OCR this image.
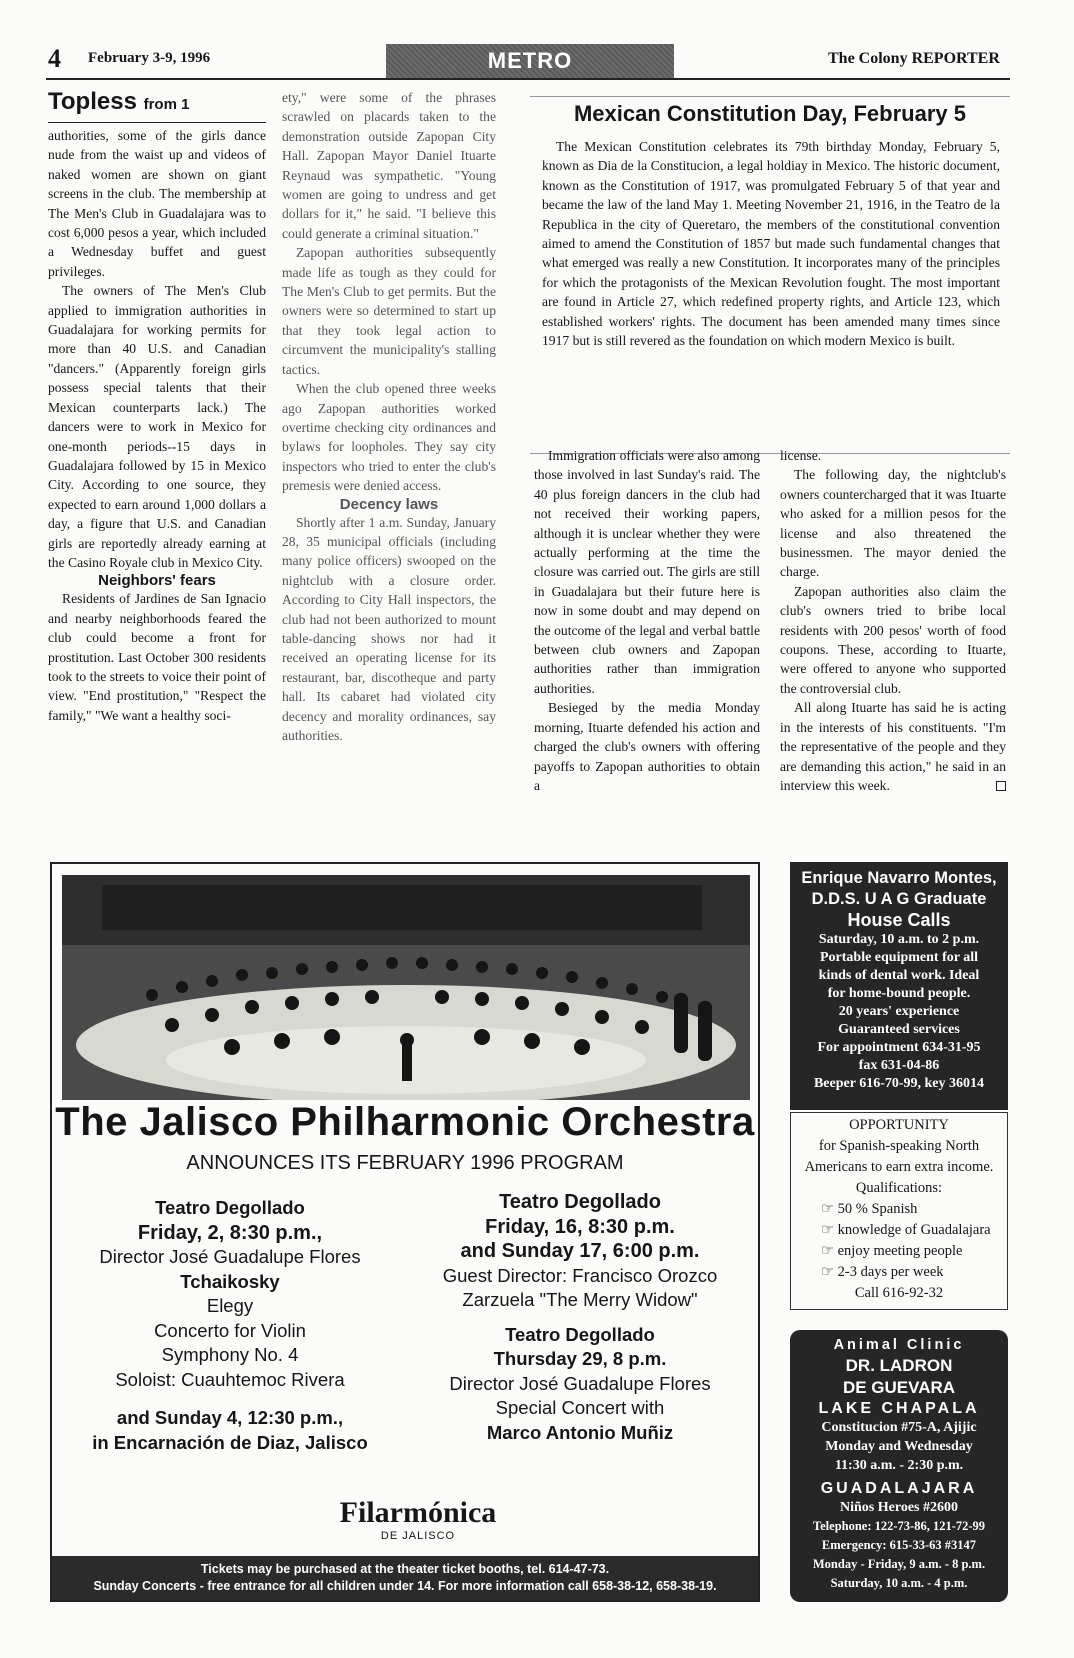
4 February 3-9, 1996	METRO	The Colony REPORTER
Topless from 1

authorities, some of the girls dance nude from the waist up and videos of naked women are shown on giant screens in the club. The membership at The Men's Club in Guadalajara was to cost 6,000 pesos a year, which included a Wednesday buffet and guest privileges.

The owners of The Men's Club applied to immigration authorities in Guadalajara for working permits for more than 40 U.S. and Canadian "dancers." (Apparently foreign girls possess special talents that their Mexican counterparts lack.) The dancers were to work in Mexico for one-month periods--15 days in Guadalajara followed by 15 in Mexico City. According to one source, they expected to earn around 1,000 dollars a day, a figure that U.S. and Canadian girls are reportedly already earning at the Casino Royale club in Mexico City.

Neighbors' fears

Residents of Jardines de San Ignacio and nearby neighborhoods feared the club could become a front for prostitution. Last October 300 residents took to the streets to voice their point of view. "End prostitution," "Respect the family," "We want a healthy soci-

ety," were some of the phrases scrawled on placards taken to the demonstration outside Zapopan City Hall. Zapopan Mayor Daniel Ituarte Reynaud was sympathetic. "Young women are going to undress and get dollars for it," he said. "I believe this could generate a criminal situation."

Zapopan authorities subsequently made life as tough as they could for The Men's Club to get permits. But the owners were so determined to start up that they took legal action to circumvent the municipality's stalling tactics.

When the club opened three weeks ago Zapopan authorities worked overtime checking city ordinances and bylaws for loopholes. They say city inspectors who tried to enter the club's premesis were denied access.

Decency laws

Shortly after 1 a.m. Sunday, January 28, 35 municipal officials (including many police officers) swooped on the nightclub with a closure order. According to City Hall inspectors, the club had not been authorized to mount table-dancing shows nor had it received an operating license for its restaurant, bar, discotheque and party hall. Its cabaret had violated city decency and morality ordinances, say authorities.

Mexican Constitution Day, February 5

The Mexican Constitution celebrates its 79th birthday Monday, February 5, known as Dia de la Constitucion, a legal holdiay in Mexico. The historic document, known as the Constitution of 1917, was promulgated February 5 of that year and became the law of the land May 1. Meeting November 21, 1916, in the Teatro de la Republica in the city of Queretaro, the members of the constitutional convention aimed to amend the Constitution of 1857 but made such fundamental changes that what emerged was really a new Constitution. It incorporates many of the principles for which the protagonists of the Mexican Revolution fought. The most important are found in Article 27, which redefined property rights, and Article 123, which established workers' rights. The document has been amended many times since 1917 but is still revered as the foundation on which modern Mexico is built.

Immigration officials were also among those involved in last Sunday's raid. The 40 plus foreign dancers in the club had not received their working papers, although it is unclear whether they were actually performing at the time the closure was carried out. The girls are still in Guadalajara but their future here is now in some doubt and may depend on the outcome of the legal and verbal battle between club owners and Zapopan authorities rather than immigration authorities.

Besieged by the media Monday morning, Ituarte defended his action and charged the club's owners with offering payoffs to Zapopan authorities to obtain a

license.

The following day, the nightclub's owners countercharged that it was Ituarte who asked for a million pesos for the license and also threatened the businessmen. The mayor denied the charge.

Zapopan authorities also claim the club's owners tried to bribe local residents with 200 pesos' worth of food coupons. These, according to Ituarte, were offered to anyone who supported the controversial club.

All along Ituarte has said he is acting in the interests of his constituents. "I'm the representative of the people and they are demanding this action," he said in an interview this week.

The Jalisco Philharmonic Orchestra
ANNOUNCES ITS FEBRUARY 1996 PROGRAM
Teatro Degollado
Friday, 2, 8:30 p.m.,
Director José Guadalupe Flores
Tchaikosky
Elegy
Concerto for Violin
Symphony No. 4
Soloist: Cuauhtemoc Rivera
and Sunday 4, 12:30 p.m.,
in Encarnación de Diaz, Jalisco
Teatro Degollado
Friday, 16, 8:30 p.m.
and Sunday 17, 6:00 p.m.
Guest Director: Francisco Orozco
Zarzuela "The Merry Widow"
Teatro Degollado
Thursday 29, 8 p.m.
Director José Guadalupe Flores
Special Concert with
Marco Antonio Muñiz
Filarmónica
DE JALISCO
Tickets may be purchased at the theater ticket booths, tel. 614-47-73.
Sunday Concerts - free entrance for all children under 14. For more information call 658-38-12, 658-38-19.
Enrique Navarro Montes,
D.D.S. U A G Graduate
House Calls
Saturday, 10 a.m. to 2 p.m.
Portable equipment for all
kinds of dental work. Ideal
for home-bound people.
20 years' experience
Guaranteed services
For appointment 634-31-95
fax 631-04-86
Beeper 616-70-99, key 36014
OPPORTUNITY
for Spanish-speaking North Americans to earn extra income.
Qualifications:
☞ 50 % Spanish
☞ knowledge of Guadalajara
☞ enjoy meeting people
☞ 2-3 days per week
Call 616-92-32
Animal Clinic
DR. LADRON
DE GUEVARA
LAKE CHAPALA
Constitucion #75-A, Ajijic
Monday and Wednesday
11:30 a.m. - 2:30 p.m.
GUADALAJARA
Niños Heroes #2600
Telephone: 122-73-86, 121-72-99
Emergency: 615-33-63 #3147
Monday - Friday, 9 a.m. - 8 p.m.
Saturday, 10 a.m. - 4 p.m.
